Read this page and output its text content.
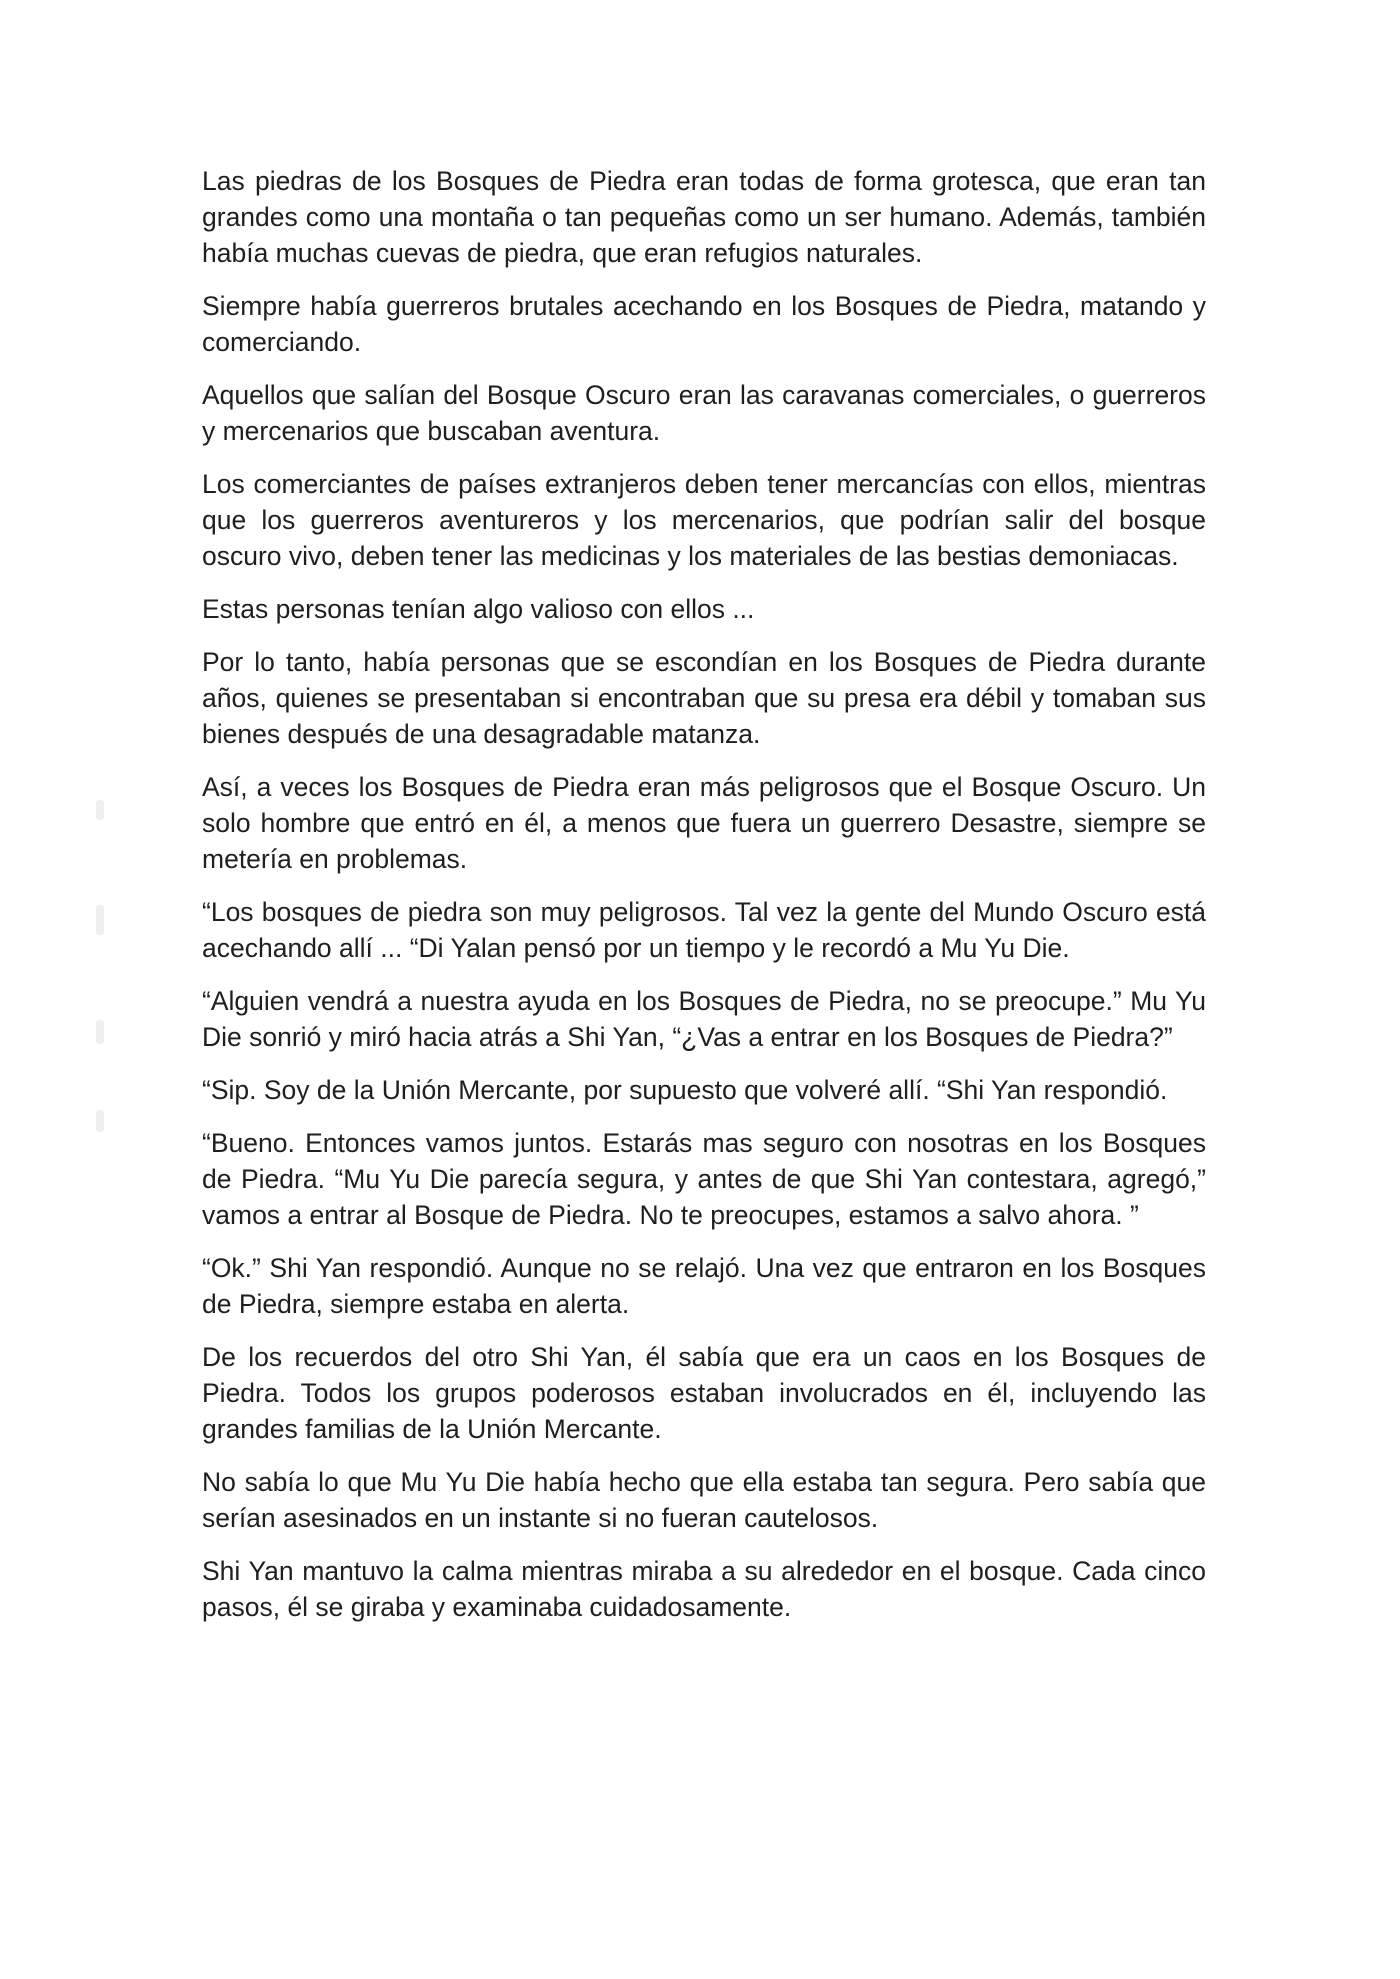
Las piedras de los Bosques de Piedra eran todas de forma grotesca, que eran tan grandes como una montaña o tan pequeñas como un ser humano. Además, también había muchas cuevas de piedra, que eran refugios naturales.

Siempre había guerreros brutales acechando en los Bosques de Piedra, matando y comerciando.

Aquellos que salían del Bosque Oscuro eran las caravanas comerciales, o guerreros y mercenarios que buscaban aventura.

Los comerciantes de países extranjeros deben tener mercancías con ellos, mientras que los guerreros aventureros y los mercenarios, que podrían salir del bosque oscuro vivo, deben tener las medicinas y los materiales de las bestias demoniacas.

Estas personas tenían algo valioso con ellos ...

Por lo tanto, había personas que se escondían en los Bosques de Piedra durante años, quienes se presentaban si encontraban que su presa era débil y tomaban sus bienes después de una desagradable matanza.

Así, a veces los Bosques de Piedra eran más peligrosos que el Bosque Oscuro. Un solo hombre que entró en él, a menos que fuera un guerrero Desastre, siempre se metería en problemas.

“Los bosques de piedra son muy peligrosos. Tal vez la gente del Mundo Oscuro está acechando allí ... “Di Yalan pensó por un tiempo y le recordó a Mu Yu Die.

“Alguien vendrá a nuestra ayuda en los Bosques de Piedra, no se preocupe.” Mu Yu Die sonrió y miró hacia atrás a Shi Yan, “¿Vas a entrar en los Bosques de Piedra?”

“Sip. Soy de la Unión Mercante, por supuesto que volveré allí. “Shi Yan respondió.

“Bueno. Entonces vamos juntos. Estarás mas seguro con nosotras en los Bosques de Piedra. “Mu Yu Die parecía segura, y antes de que Shi Yan contestara, agregó,” vamos a entrar al Bosque de Piedra. No te preocupes, estamos a salvo ahora. ”

“Ok.” Shi Yan respondió. Aunque no se relajó. Una vez que entraron en los Bosques de Piedra, siempre estaba en alerta.

De los recuerdos del otro Shi Yan, él sabía que era un caos en los Bosques de Piedra. Todos los grupos poderosos estaban involucrados en él, incluyendo las grandes familias de la Unión Mercante.

No sabía lo que Mu Yu Die había hecho que ella estaba tan segura. Pero sabía que serían asesinados en un instante si no fueran cautelosos.

Shi Yan mantuvo la calma mientras miraba a su alrededor en el bosque. Cada cinco pasos, él se giraba y examinaba cuidadosamente.
